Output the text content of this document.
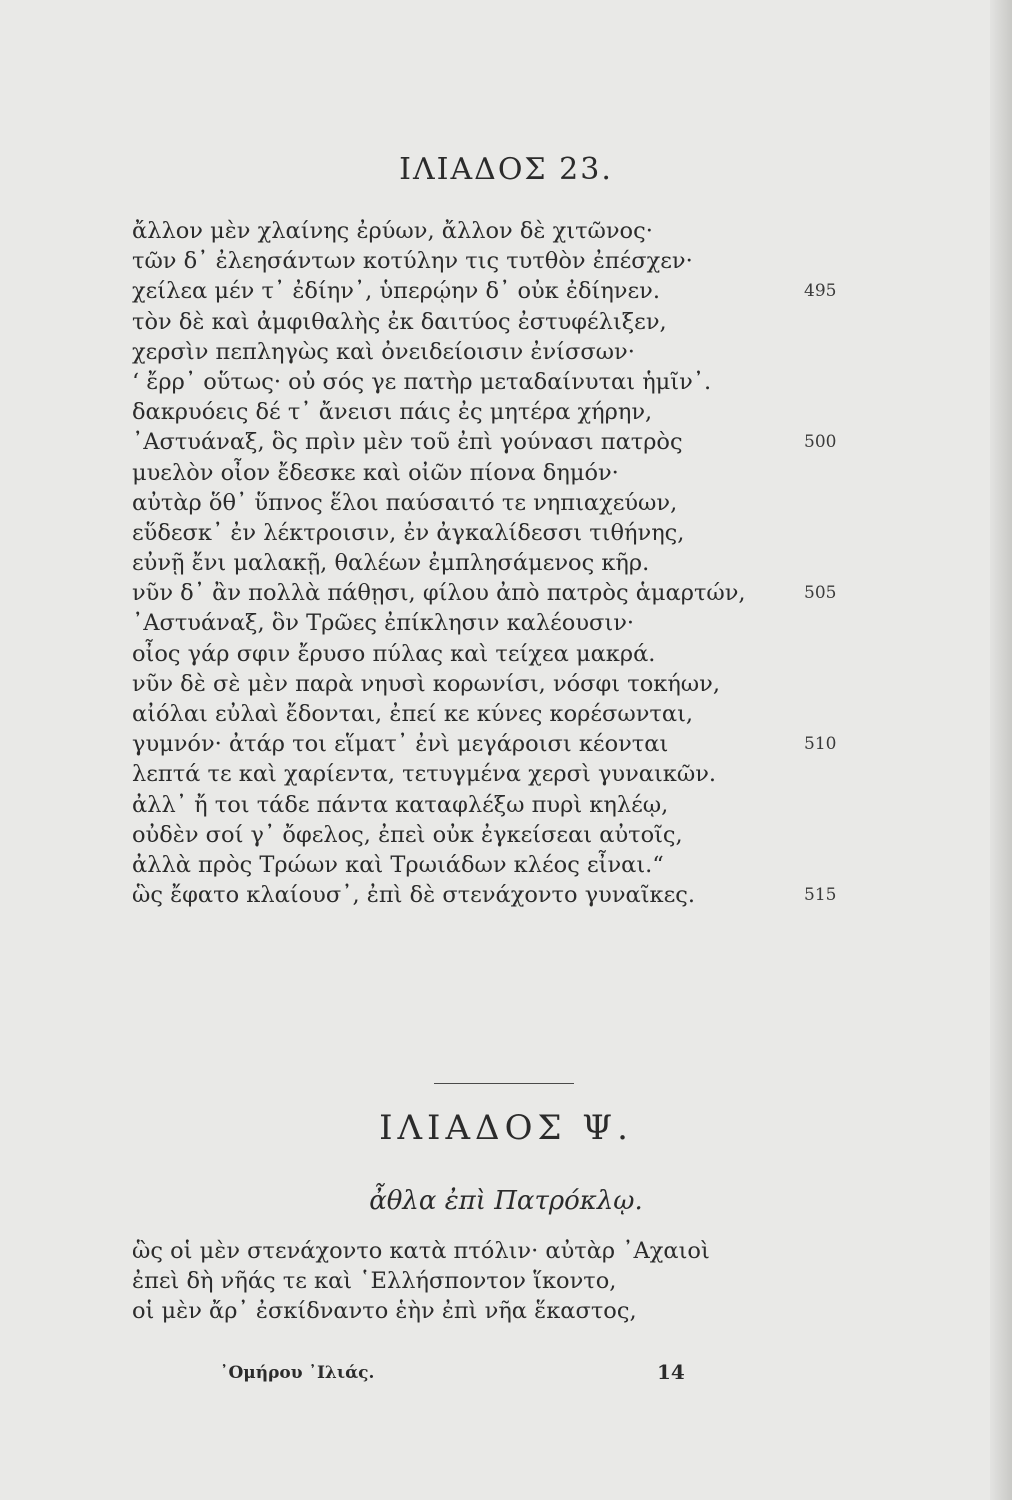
ΙΛΙΑΔΟΣ 23.
ἄλλον μὲν χλαίνης ἐρύων, ἄλλον δὲ χιτῶνος·
τῶν δ᾽ ἐλεησάντων κοτύλην τις τυτθὸν ἐπέσχεν·
χείλεα μέν τ᾽ ἐδίην᾽, ὑπερῴην δ᾽ οὐκ ἐδίηνεν.	495
τὸν δὲ καὶ ἀμφιθαλὴς ἐκ δαιτύος ἐστυφέλιξεν,
χερσὶν πεπληγὼς καὶ ὀνειδείοισιν ἐνίσσων·
‘ ἔρρ᾽ οὕτως· οὐ σός γε πατὴρ μεταδαίνυται ἡμῖν᾽.
δακρυόεις δέ τ᾽ ἄνεισι πάις ἐς μητέρα χήρην,
᾽Αστυάναξ, ὃς πρὶν μὲν τοῦ ἐπὶ γούνασι πατρὸς	500
μυελὸν οἶον ἔδεσκε καὶ οἰῶν πίονα δημόν·
αὐτὰρ ὅθ᾽ ὕπνος ἕλοι παύσαιτό τε νηπιαχεύων,
εὕδεσκ᾽ ἐν λέκτροισιν, ἐν ἀγκαλίδεσσι τιθήνης,
εὐνῇ ἔνι μαλακῇ, θαλέων ἐμπλησάμενος κῆρ.
νῦν δ᾽ ἂν πολλὰ πάθῃσι, φίλου ἀπὸ πατρὸς ἁμαρτών,	505
᾽Αστυάναξ, ὃν Τρῶες ἐπίκλησιν καλέουσιν·
οἶος γάρ σφιν ἔρυσο πύλας καὶ τείχεα μακρά.
νῦν δὲ σὲ μὲν παρὰ νηυσὶ κορωνίσι, νόσφι τοκήων,
αἰόλαι εὐλαὶ ἔδονται, ἐπεί κε κύνες κορέσωνται,
γυμνόν· ἀτάρ τοι εἵματ᾽ ἐνὶ μεγάροισι κέονται	510
λεπτά τε καὶ χαρίεντα, τετυγμένα χερσὶ γυναικῶν.
ἀλλ᾽ ἤ τοι τάδε πάντα καταφλέξω πυρὶ κηλέῳ,
οὐδὲν σοί γ᾽ ὄφελος, ἐπεὶ οὐκ ἐγκείσεαι αὐτοῖς,
ἀλλὰ πρὸς Τρώων καὶ Τρωιάδων κλέος εἶναι.“
ὣς ἔφατο κλαίουσ᾽, ἐπὶ δὲ στενάχοντο γυναῖκες.	515
ΙΛΙΑΔΟΣ Ψ.
ἆθλα ἐπὶ Πατρόκλῳ.
ὣς οἱ μὲν στενάχοντο κατὰ πτόλιν· αὐτὰρ ᾽Αχαιοὶ
ἐπεὶ δὴ νῆάς τε καὶ ῾Ελλήσποντον ἵκοντο,
οἱ μὲν ἄρ᾽ ἐσκίδναντο ἑὴν ἐπὶ νῆα ἕκαστος,
᾽Ομήρου ᾽Ιλιάς.	14
